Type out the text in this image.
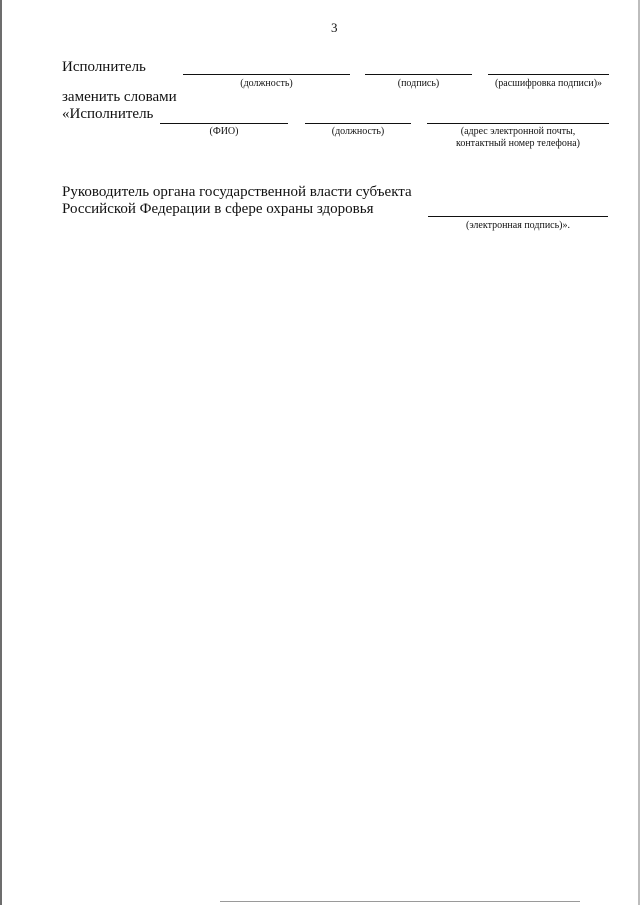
3
Исполнитель
(должность)	(подпись)	(расшифровка подписи)»
заменить словами
«Исполнитель
(ФИО)	(должность)	(адрес электронной почты,
контактный номер телефона)
Руководитель органа государственной власти субъекта
Российской Федерации в сфере охраны здоровья
(электронная подпись)».
